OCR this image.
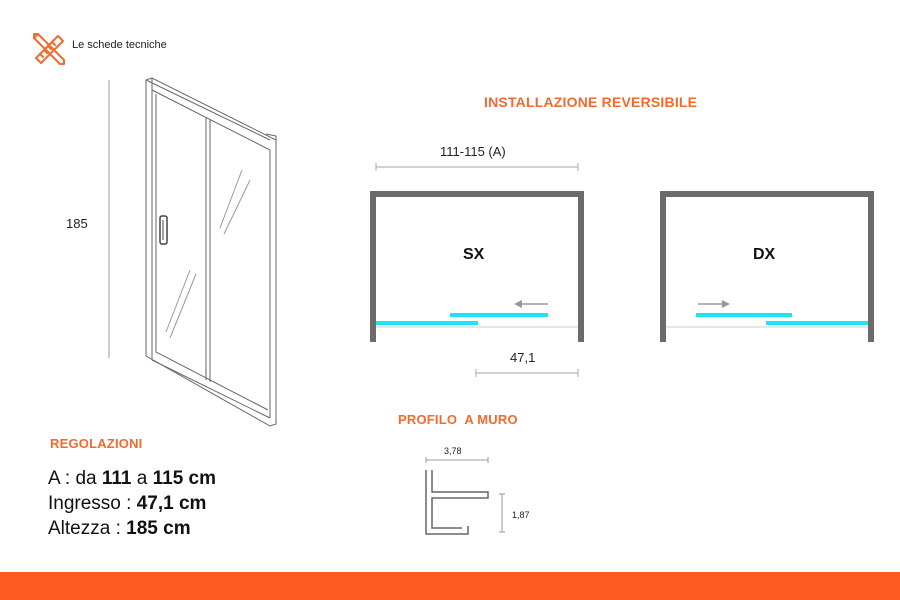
Le schede tecniche
185
INSTALLAZIONE REVERSIBILE
111-115 (A)
SX
47,1
DX
PROFILO  A MURO
3,78
1,87
REGOLAZIONI
A : da 111 a 115 cm
Ingresso : 47,1 cm
Altezza : 185 cm
